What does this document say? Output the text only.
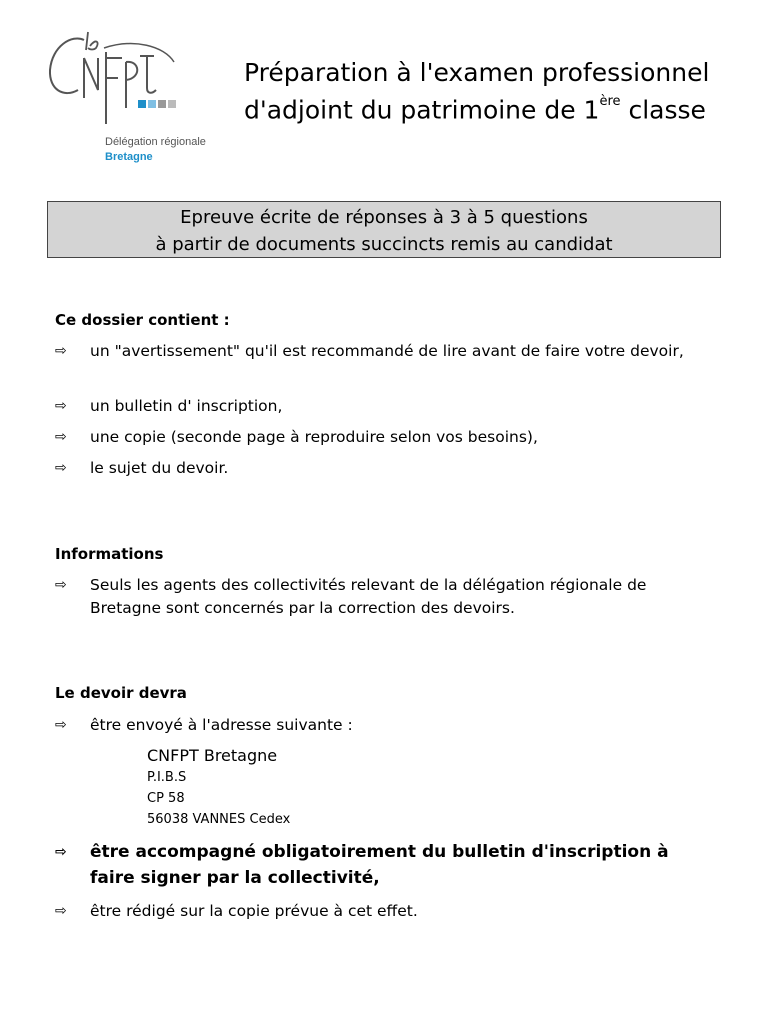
Délégation régionale
Bretagne
Préparation à l'examen professionnel
d'adjoint du patrimoine de 1ère classe
Epreuve écrite de réponses à 3 à 5 questions
à partir de documents succincts remis au candidat
Ce dossier contient :
⇨	un "avertissement" qu'il est recommandé de lire avant de faire votre devoir,
⇨	un bulletin d' inscription,
⇨	une copie (seconde page à reproduire selon vos besoins),
⇨	le sujet du devoir.
Informations
⇨	Seuls les agents des collectivités relevant de la délégation régionale de Bretagne sont concernés par la correction des devoirs.
Le devoir devra
⇨	être envoyé à l'adresse suivante :
CNFPT Bretagne
P.I.B.S
CP 58
56038 VANNES Cedex
⇨	être accompagné obligatoirement du bulletin d'inscription à faire signer par la collectivité,
⇨	être rédigé sur la copie prévue à cet effet.
